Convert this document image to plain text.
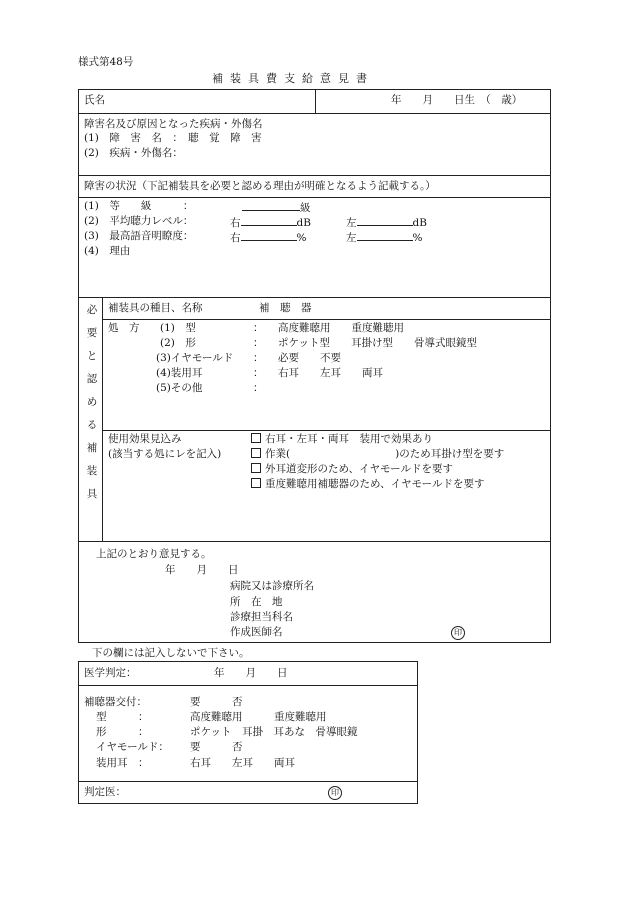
様式第48号
補装具費支給意見書
氏名	年　　月　　日生　（　歳）
障害名及び原因となった疾病・外傷名
(1)　障　害　名　：　聴　覚　障　害
(2)　疾病・外傷名：
障害の状況（下記補装具を必要と認める理由が明確となるよう記載する。）
(1)　等　　級　　　：	級
(2)　平均聴力レベル：	右	dB	左	dB
(3)　最高語音明瞭度：	右	%	左	%
(4)　理由
必
要
と
認
め
る
補
装
具
補装具の種目、名称	補　聴　器
処　方 (1)　型	： 高度難聴用　　重度難聴用
(2)　形	： ポケット型　　耳掛け型　　骨導式眼鏡型
(3)イヤモールド ： 必要　　不要
(4)装用耳	： 右耳　　左耳　　両耳
(5)その他	：
使用効果見込み
(該当する処にレを記入)
右耳・左耳・両耳　装用で効果あり
作業(　　　　　　　　　　)のため耳掛け型を要す
外耳道変形のため、イヤモールドを要す
重度難聴用補聴器のため、イヤモールドを要す
上記のとおり意見する。
年　　月　　日
病院又は診療所名
所　在　地
診療担当科名
作成医師名	印
下の欄には記入しないで下さい。
医学判定：	年　　月　　日
補聴器交付：	要　　　否
型　　　：	高度難聴用　　　重度難聴用
形　　　：	ポケット　耳掛　耳あな　骨導眼鏡
イヤモールド： 要　　　否
装用耳　：	右耳　　左耳　　両耳
判定医：	印
